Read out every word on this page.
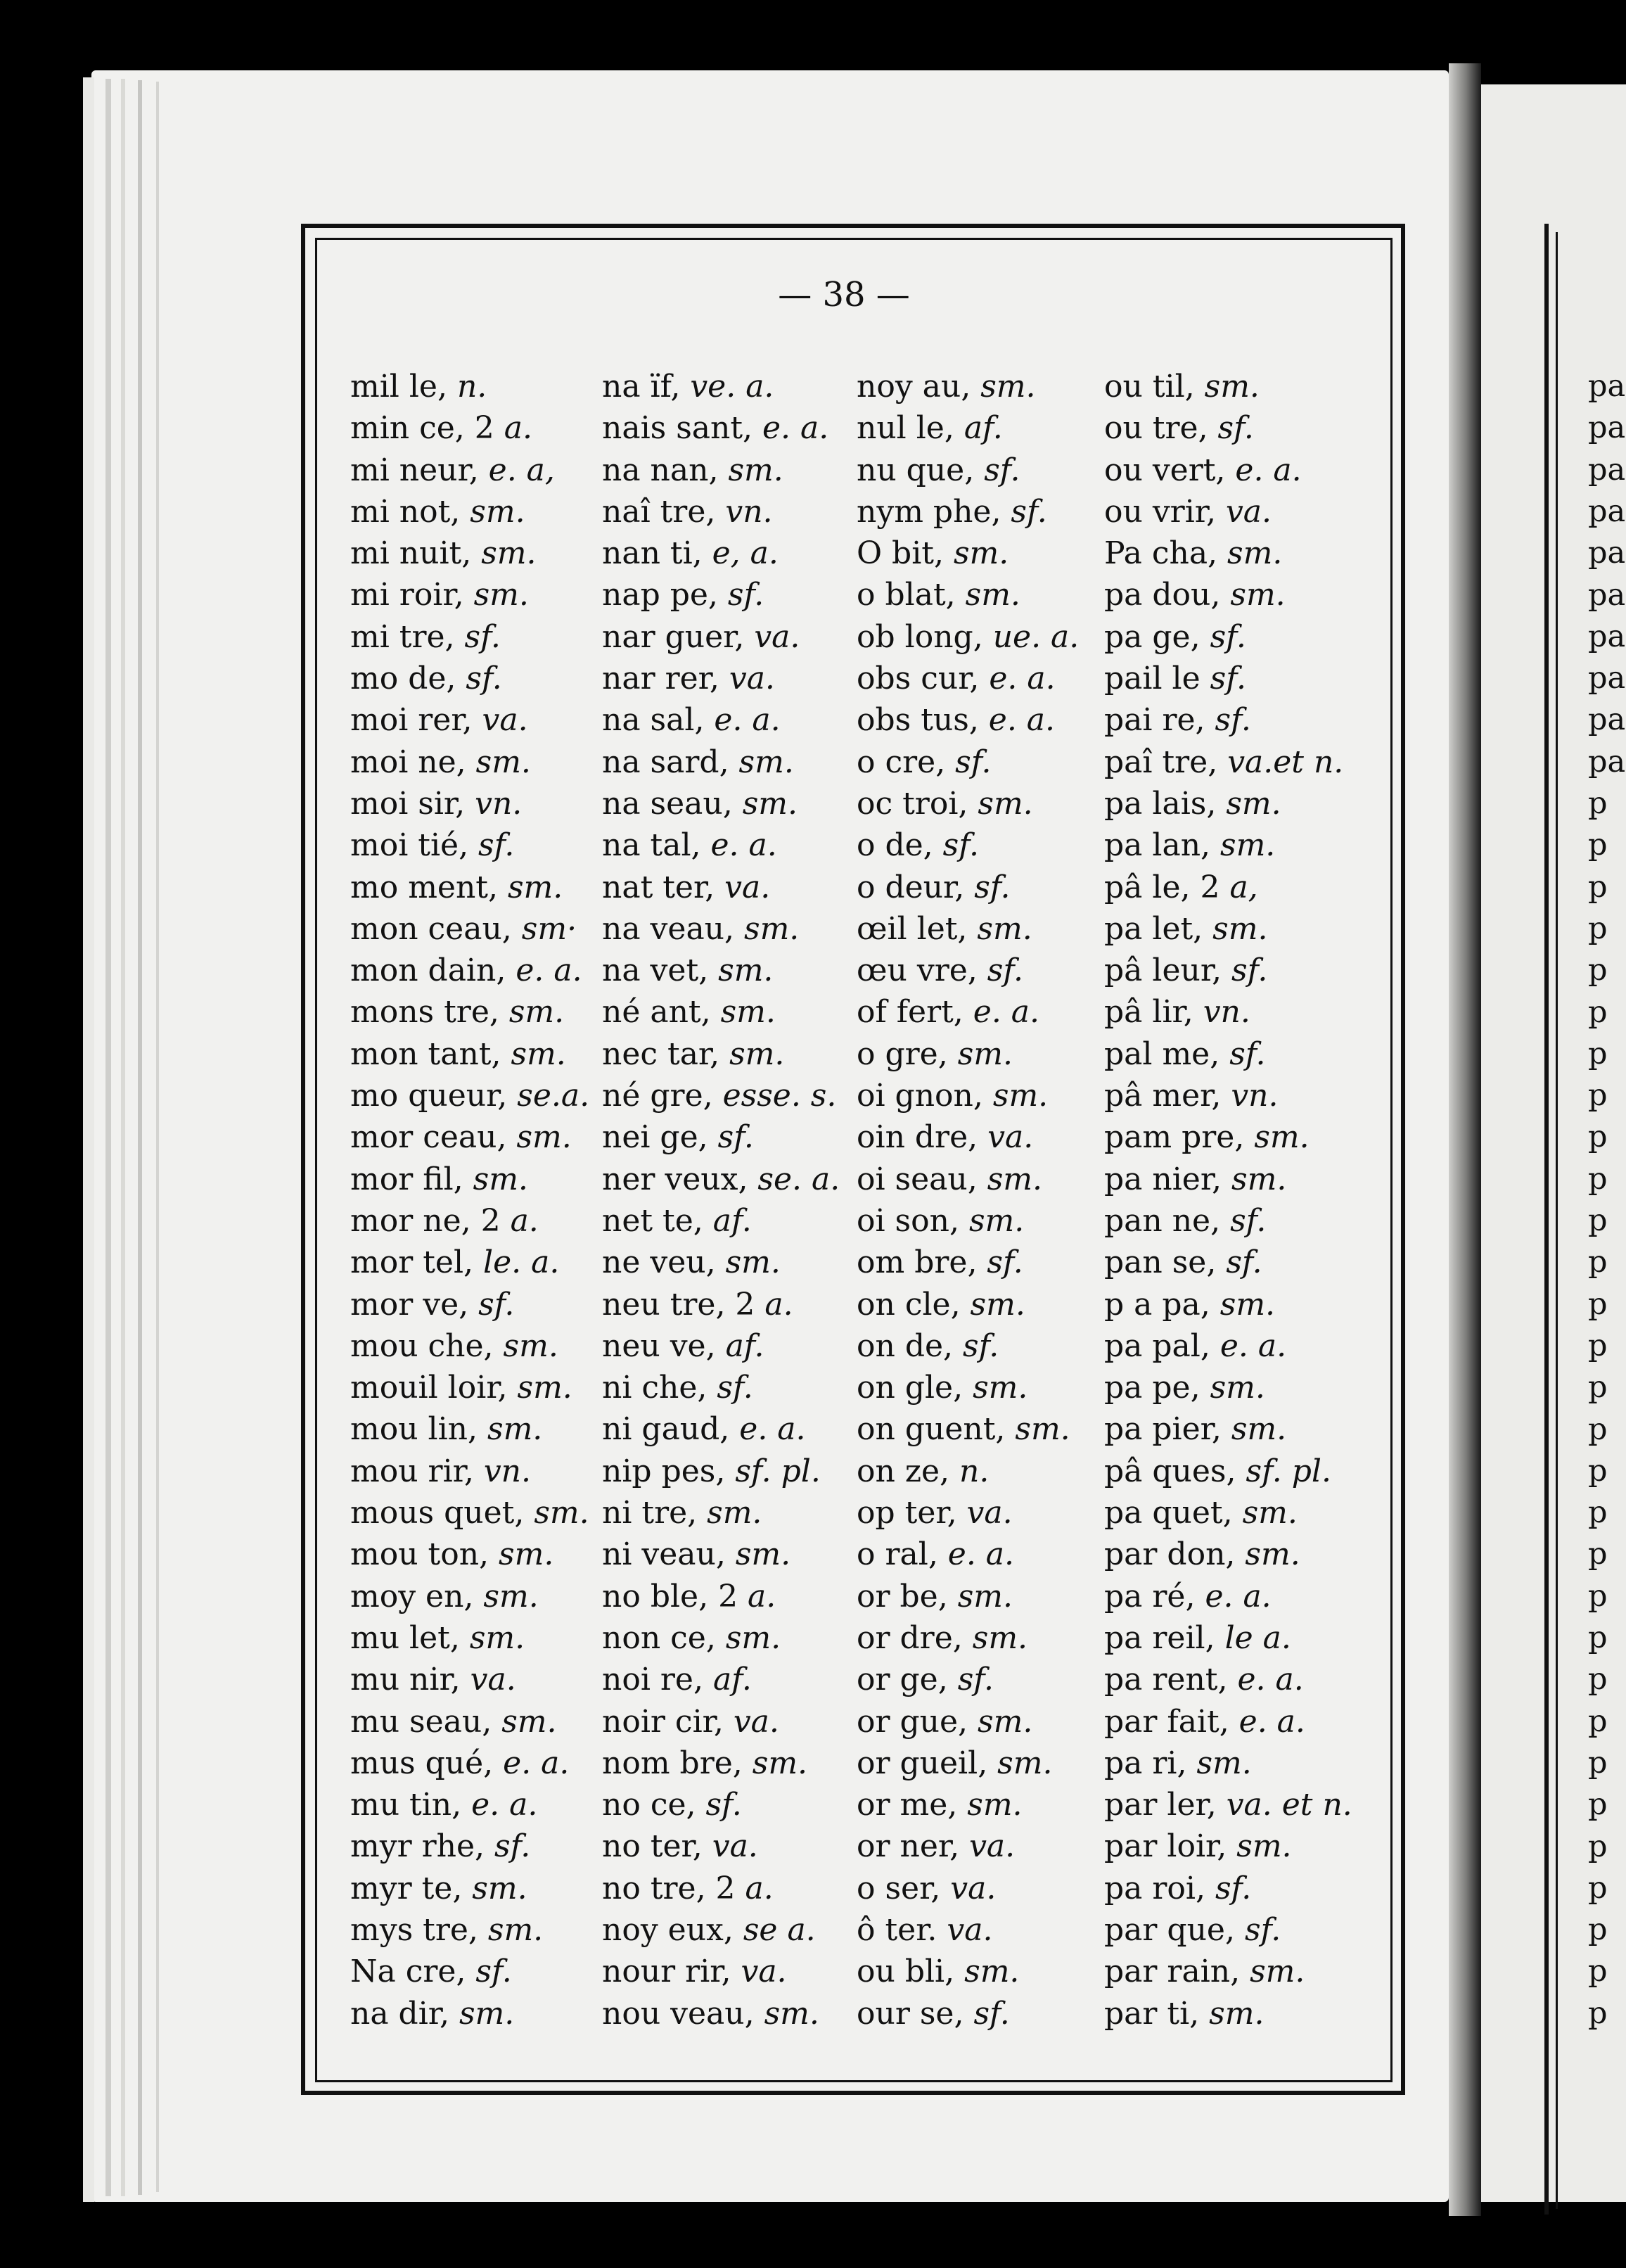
pa
pa
pa
pa
pa
pa
pa
pa
pa
pa
p
p
p
p
p
p
p
p
p
p
p
p
p
p
p
p
p
p
p
p
p
p
p
p
p
p
p
p
p
p
— 38 —
mil le, n.
min ce, 2 a.
mi neur, e. a,
mi not, sm.
mi nuit, sm.
mi roir, sm.
mi tre, sf.
mo de, sf.
moi rer, va.
moi ne, sm.
moi sir, vn.
moi tié, sf.
mo ment, sm.
mon ceau, sm·
mon dain, e. a.
mons tre, sm.
mon tant, sm.
mo queur, se.a.
mor ceau, sm.
mor fil, sm.
mor ne, 2 a.
mor tel, le. a.
mor ve, sf.
mou che, sm.
mouil loir, sm.
mou lin, sm.
mou rir, vn.
mous quet, sm.
mou ton, sm.
moy en, sm.
mu let, sm.
mu nir, va.
mu seau, sm.
mus qué, e. a.
mu tin, e. a.
myr rhe, sf.
myr te, sm.
mys tre, sm.
Na cre, sf.
na dir, sm.
na ïf, ve. a.
nais sant, e. a.
na nan, sm.
naî tre, vn.
nan ti, e, a.
nap pe, sf.
nar guer, va.
nar rer, va.
na sal, e. a.
na sard, sm.
na seau, sm.
na tal, e. a.
nat ter, va.
na veau, sm.
na vet, sm.
né ant, sm.
nec tar, sm.
né gre, esse. s.
nei ge, sf.
ner veux, se. a.
net te, af.
ne veu, sm.
neu tre, 2 a.
neu ve, af.
ni che, sf.
ni gaud, e. a.
nip pes, sf. pl.
ni tre, sm.
ni veau, sm.
no ble, 2 a.
non ce, sm.
noi re, af.
noir cir, va.
nom bre, sm.
no ce, sf.
no ter, va.
no tre, 2 a.
noy eux, se a.
nour rir, va.
nou veau, sm.
noy au, sm.
nul le, af.
nu que, sf.
nym phe, sf.
O bit, sm.
o blat, sm.
ob long, ue. a.
obs cur, e. a.
obs tus, e. a.
o cre, sf.
oc troi, sm.
o de, sf.
o deur, sf.
œil let, sm.
œu vre, sf.
of fert, e. a.
o gre, sm.
oi gnon, sm.
oin dre, va.
oi seau, sm.
oi son, sm.
om bre, sf.
on cle, sm.
on de, sf.
on gle, sm.
on guent, sm.
on ze, n.
op ter, va.
o ral, e. a.
or be, sm.
or dre, sm.
or ge, sf.
or gue, sm.
or gueil, sm.
or me, sm.
or ner, va.
o ser, va.
ô ter. va.
ou bli, sm.
our se, sf.
ou til, sm.
ou tre, sf.
ou vert, e. a.
ou vrir, va.
Pa cha, sm.
pa dou, sm.
pa ge, sf.
pail le sf.
pai re, sf.
paî tre, va.et n.
pa lais, sm.
pa lan, sm.
pâ le, 2 a,
pa let, sm.
pâ leur, sf.
pâ lir, vn.
pal me, sf.
pâ mer, vn.
pam pre, sm.
pa nier, sm.
pan ne, sf.
pan se, sf.
p a pa, sm.
pa pal, e. a.
pa pe, sm.
pa pier, sm.
pâ ques, sf. pl.
pa quet, sm.
par don, sm.
pa ré, e. a.
pa reil, le a.
pa rent, e. a.
par fait, e. a.
pa ri, sm.
par ler, va. et n.
par loir, sm.
pa roi, sf.
par que, sf.
par rain, sm.
par ti, sm.
